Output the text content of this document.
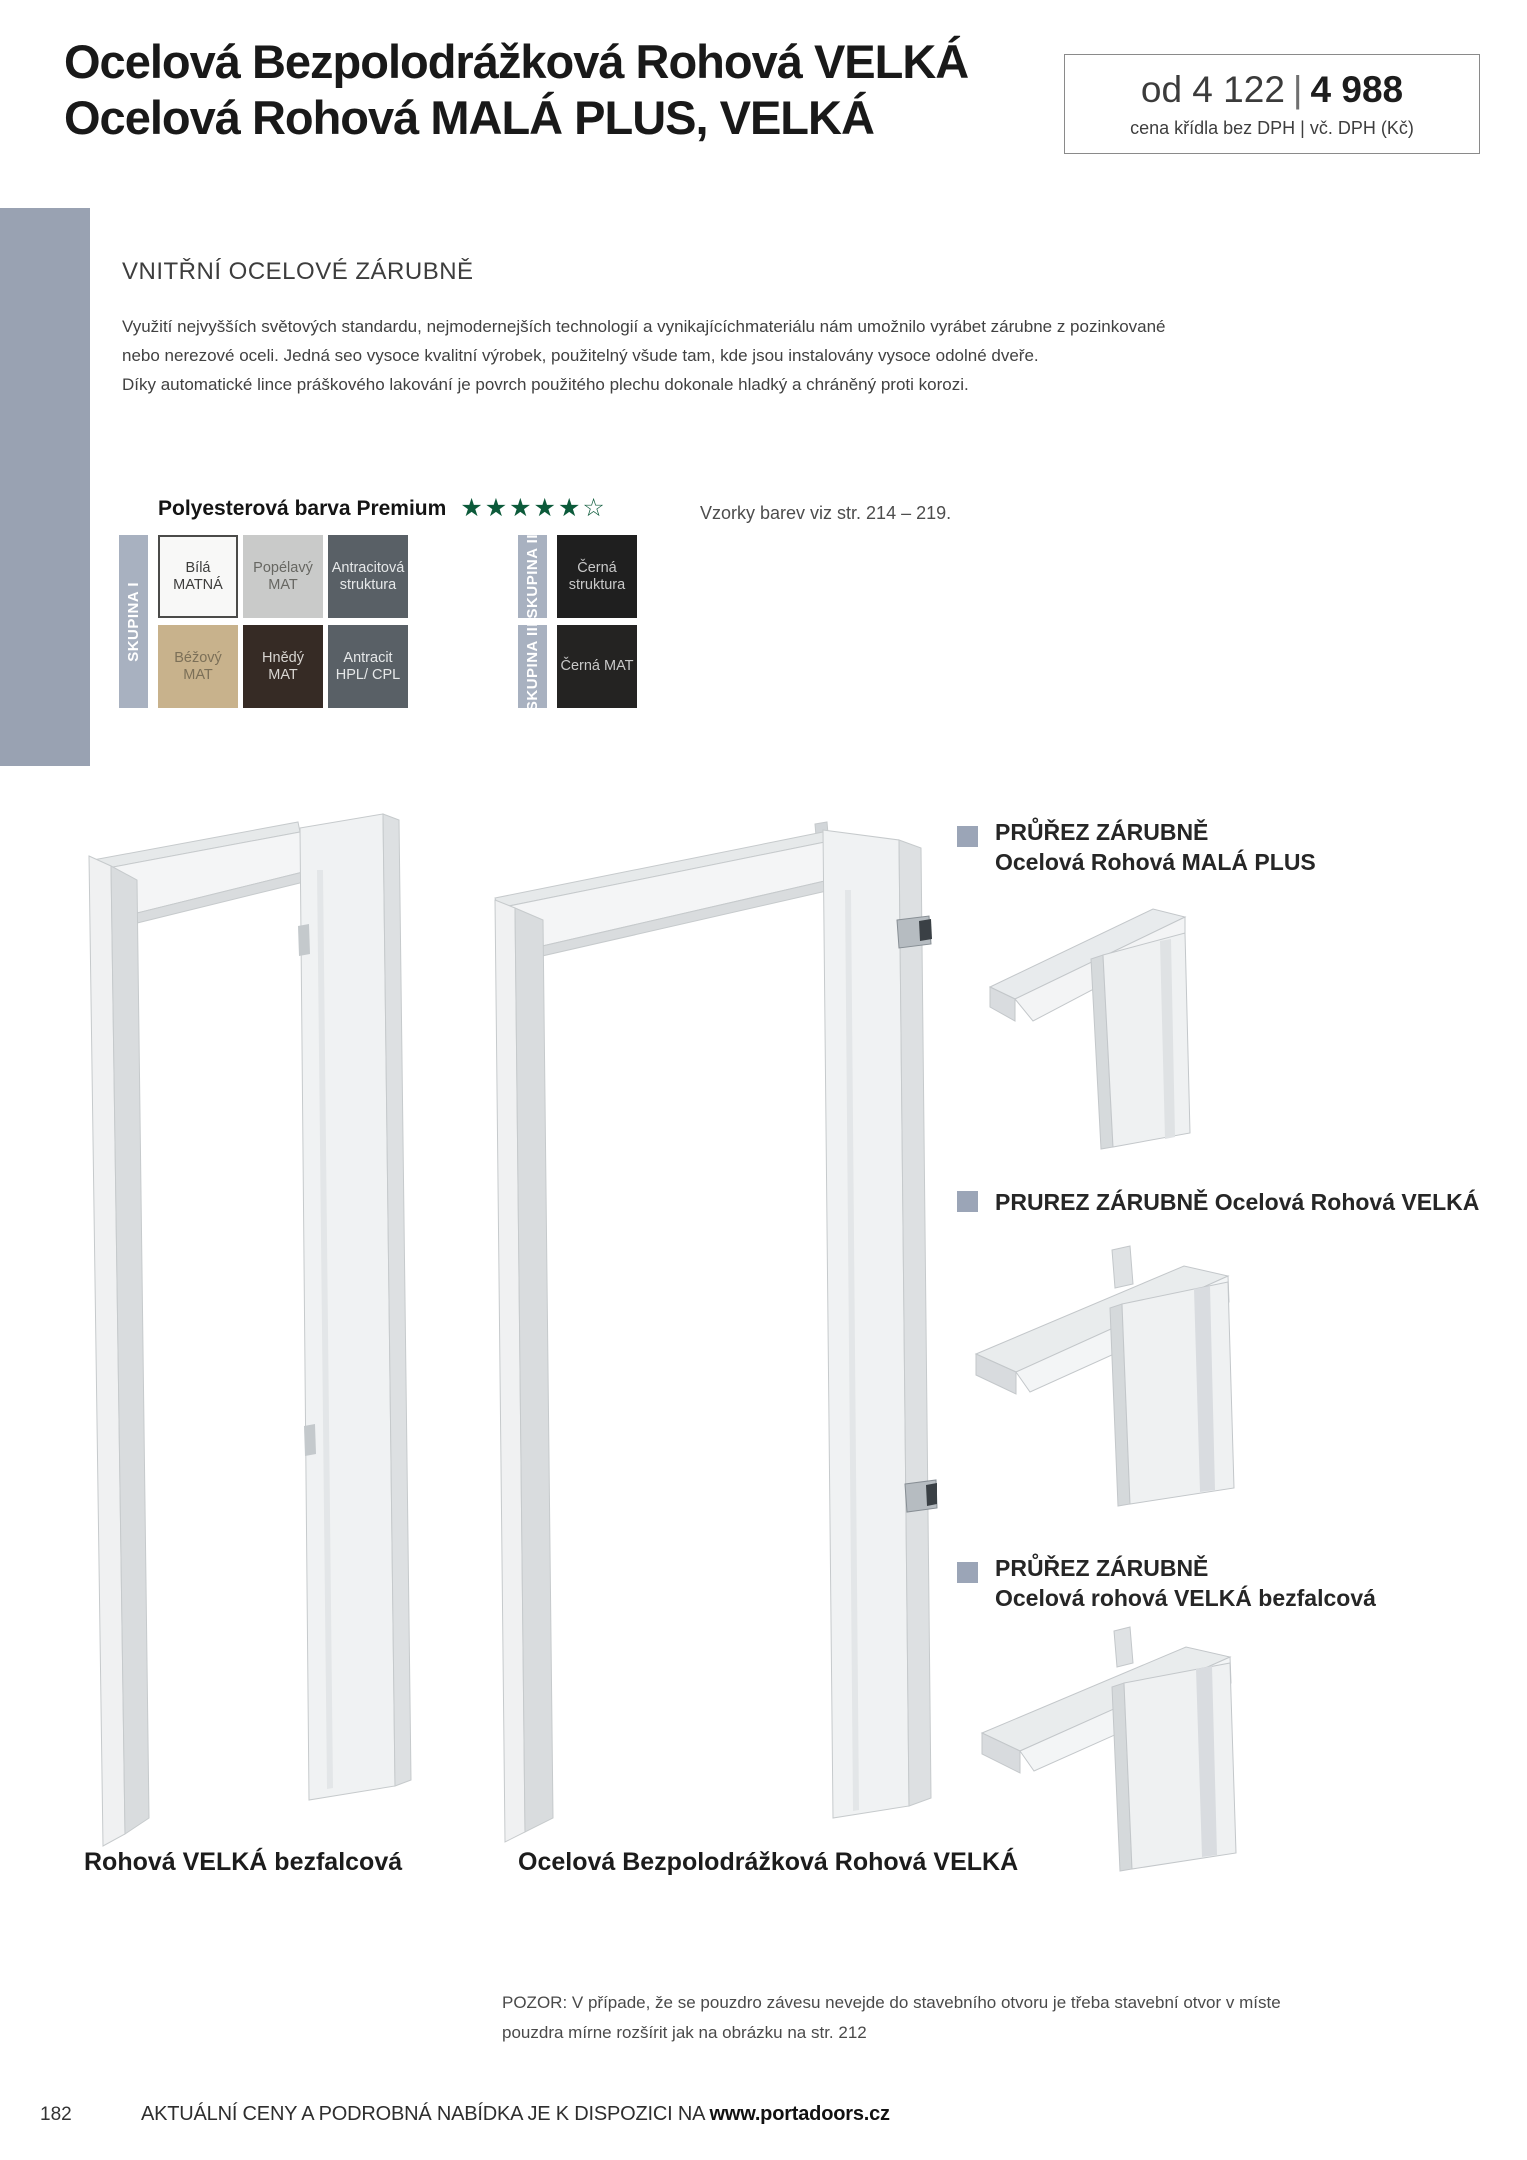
Ocelová Bezpolodrážková Rohová VELKÁ
Ocelová Rohová MALÁ PLUS, VELKÁ
od 4 122 | 4 988
cena křídla bez DPH | vč. DPH (Kč)
VNITŘNÍ OCELOVÉ ZÁRUBNĚ
Využití nejvyšších světových standardu, nejmodernejších technologií a vynikajícíchmateriálu nám umožnilo vyrábet zárubne z pozinkované
nebo nerezové oceli. Jedná seo vysoce kvalitní výrobek, použitelný všude tam, kde jsou instalovány vysoce odolné dveře.
Díky automatické lince práškového lakování je povrch použitého plechu dokonale hladký a chráněný proti korozi.
Polyesterová barva Premium ★★★★★☆	Vzorky barev viz str. 214 – 219.
SKUPINA I
Bílá MATNÁ
Popélavý MAT
Antracitová struktura
Béžový MAT
Hnědý MAT
Antracit HPL/ CPL
SKUPINA II	Černá struktura
SKUPINA III Černá MAT
PRŮŘEZ ZÁRUBNĚ
Ocelová Rohová MALÁ PLUS
PRUREZ ZÁRUBNĚ Ocelová Rohová VELKÁ
PRŮŘEZ ZÁRUBNĚ
Ocelová rohová VELKÁ bezfalcová
Rohová VELKÁ bezfalcová	Ocelová Bezpolodrážková Rohová VELKÁ
POZOR: V případe, že se pouzdro závesu nevejde do stavebního otvoru je třeba stavební otvor v míste
pouzdra mírne rozšírit jak na obrázku na str. 212
182	AKTUÁLNÍ CENY A PODROBNÁ NABÍDKA JE K DISPOZICI NA www.portadoors.cz
